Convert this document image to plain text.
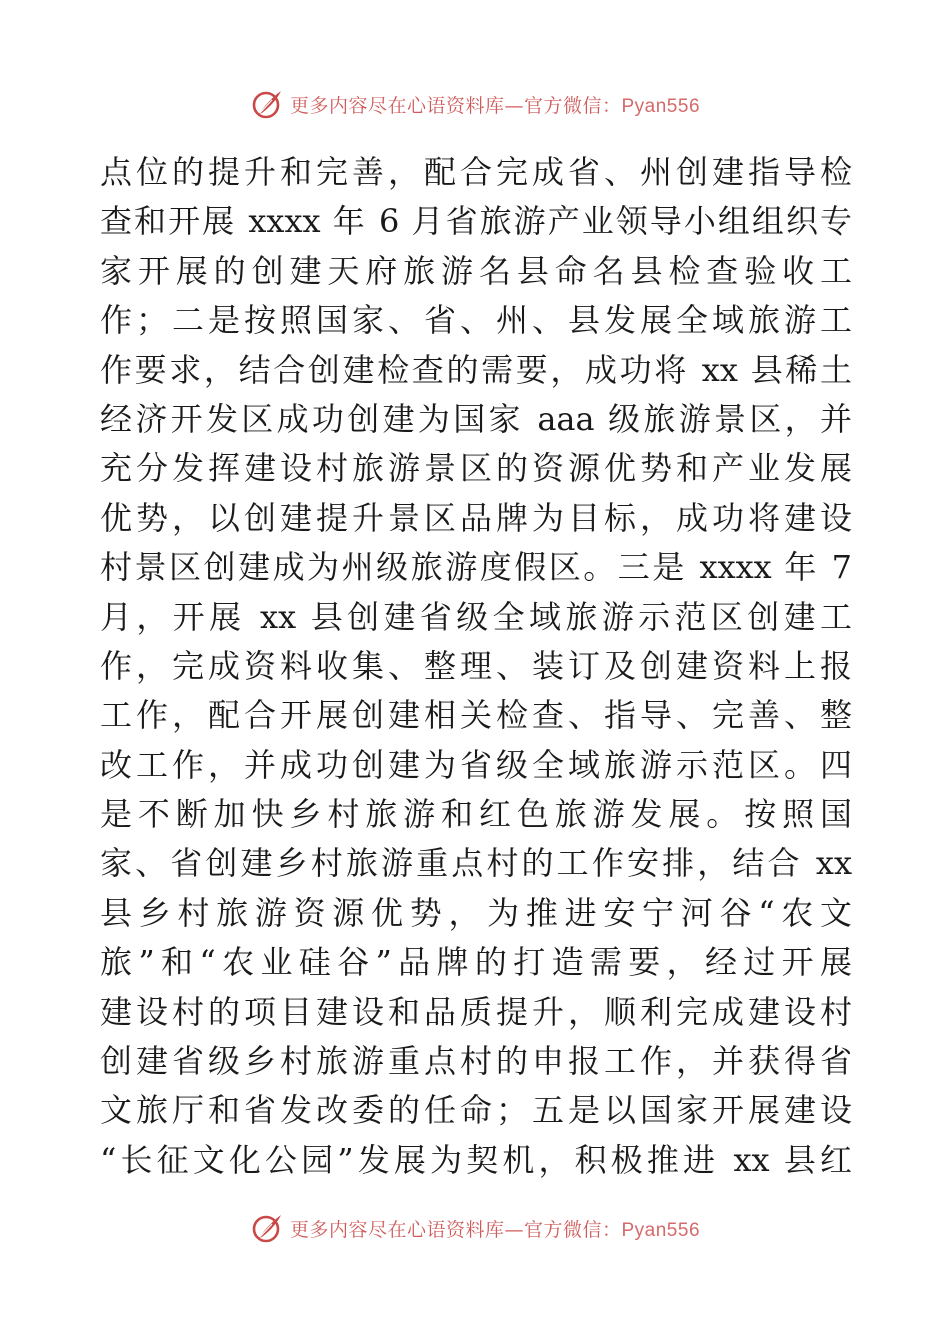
更多内容尽在心语资料库—官方微信：Pyan556
点位的提升和完善，配合完成省、州创建指导检
查和开展 xxxx 年 6 月省旅游产业领导小组组织专
家开展的创建天府旅游名县命名县检查验收工
作；二是按照国家、省、州、县发展全域旅游工
作要求，结合创建检查的需要，成功将 xx 县稀土
经济开发区成功创建为国家 aaa 级旅游景区，并
充分发挥建设村旅游景区的资源优势和产业发展
优势，以创建提升景区品牌为目标，成功将建设
村景区创建成为州级旅游度假区。三是 xxxx 年 7
月，开展 xx 县创建省级全域旅游示范区创建工
作，完成资料收集、整理、装订及创建资料上报
工作，配合开展创建相关检查、指导、完善、整
改工作，并成功创建为省级全域旅游示范区。四
是不断加快乡村旅游和红色旅游发展。按照国
家、省创建乡村旅游重点村的工作安排，结合 xx
县乡村旅游资源优势，为推进安宁河谷“农文
旅”和“农业硅谷”品牌的打造需要，经过开展
建设村的项目建设和品质提升，顺利完成建设村
创建省级乡村旅游重点村的申报工作，并获得省
文旅厅和省发改委的任命；五是以国家开展建设
“长征文化公园”发展为契机，积极推进 xx 县红
更多内容尽在心语资料库—官方微信：Pyan556
